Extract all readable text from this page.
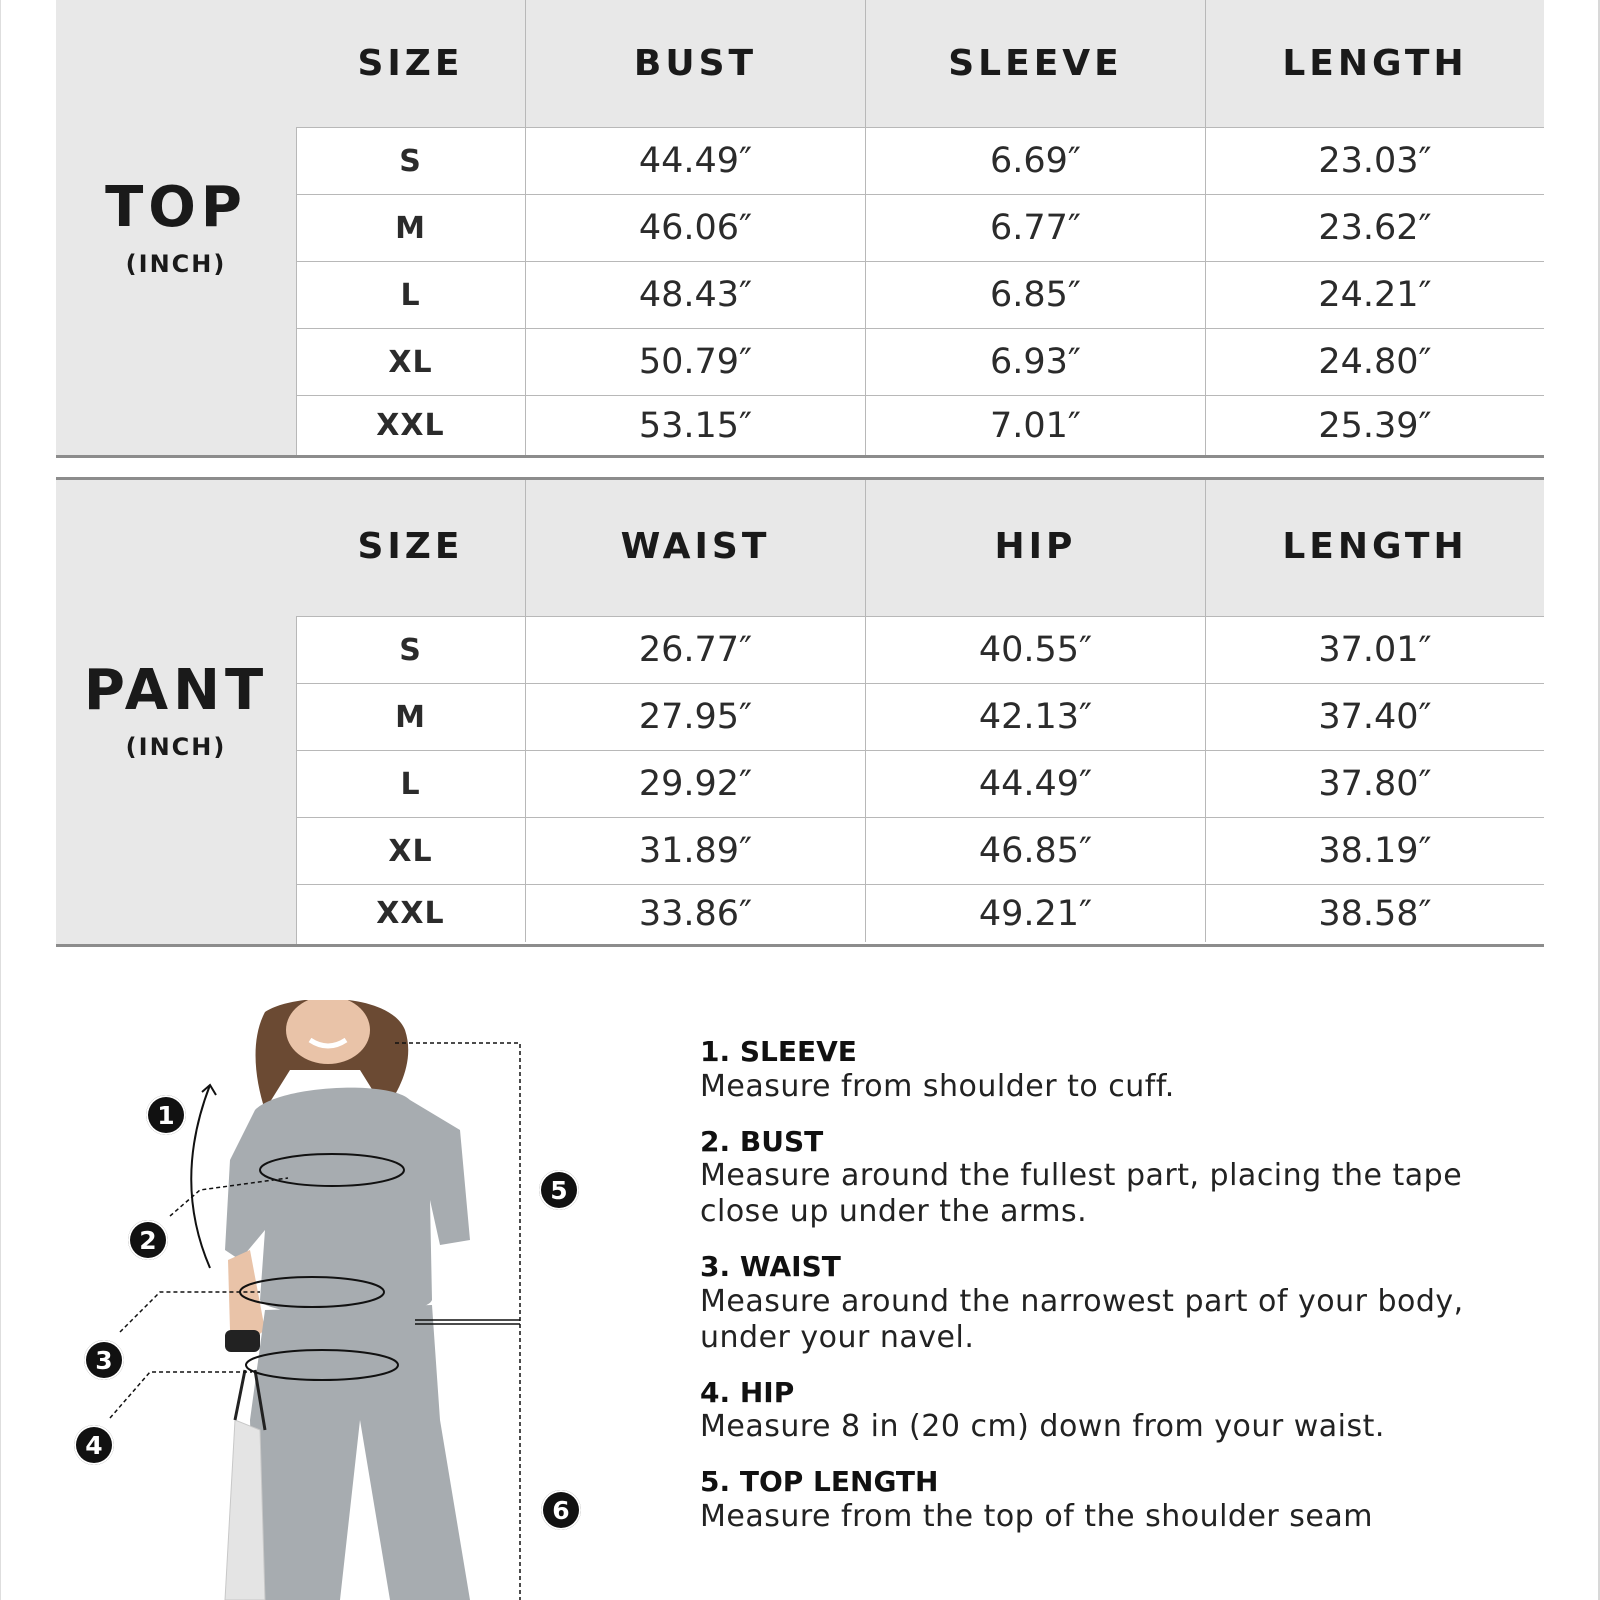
TOP
(INCH)
SIZE	BUST	SLEEVE	LENGTH
S	44.49″	6.69″	23.03″
M	46.06″	6.77″	23.62″
L	48.43″	6.85″	24.21″
XL	50.79″	6.93″	24.80″
XXL	53.15″	7.01″	25.39″
PANT
(INCH)
SIZE	WAIST	HIP	LENGTH
S	26.77″	40.55″	37.01″
M	27.95″	42.13″	37.40″
L	29.92″	44.49″	37.80″
XL	31.89″	46.85″	38.19″
XXL	33.86″	49.21″	38.58″
1
2
3
4
5
6
1. SLEEVE
Measure from shoulder to cuff.
2. BUST
Measure around the fullest part, placing the tape close up under the arms.
3. WAIST
Measure around the narrowest part of your body, under your navel.
4. HIP
Measure 8 in (20 cm) down from your waist.
5. TOP LENGTH
Measure from the top of the shoulder seam
